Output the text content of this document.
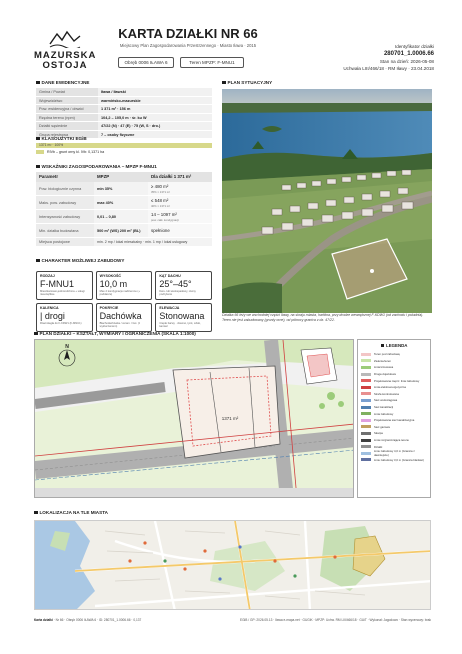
MAZURSKA
OSTOJA
KARTA DZIAŁKI NR 66
Miejscowy Plan Zagospodarowania Przestrzennego · Miasto Iława · 2015
Obręb 0006 IŁAWA 6	Teren MPZP: F-MNU1
Identyfikator działki
280701_1.0006.66
Stan na dzień: 2026-05-08
Uchwała LIII/466/18 · RM Iławy · 23.04.2018
DANE EWIDENCYJNE
Gmina / Powiat	Iława / Iławski
Województwo	warmińsko-mazurskie
Pow. ewidencyjna / obwód	1 371 m² · 156 m
Rzędna terenu (npm)	104,2 – 105,0 m · śr. ku W
Działki sąsiednie	47/22 (N) · 47 (E) · 75 (W, S · dro.)
Grupa rejestrowa	7 – osoby fizyczne
KLASOUŻYTKI EGiB
1371 m² · 100%
RIVb – grunt orny kl. IVb: 0,1371 ha
WSKAŹNIKI ZAGOSPODAROWANIA – MPZP F-MNU1
Parametr	MPZP	Dla działki 1 371 m²
Pow. biologicznie czynna	min 35%	≥ 480 m²
35% × 1371 m²
Maks. pow. zabudowy	max 40%	≤ 548 m²
40% × 1371 m²
Intensywność zabudowy	0,01 – 0,80	14 – 1097 m²
pow. całk. kondygnacji
Min. działka budowlana	500 m² (WS) 200 m² (BL)	spełnione
Miejsca postojowe	min. 2 mp / lokal mieszkalny · min. 1 mp / lokal usługowy
CHARAKTER MOŻLIWEJ ZABUDOWY
RODZAJ
F-MNU1
Mieszkaniowo-jednorodzinna + usługi nieuciążliwe
WYSOKOŚĆ
10,0 m
Max 2 kondygnacje nadziemne (+ poddasze)
KĄT DACHU
25°–45°
Dwu- lub wielospadowy, równy pochylenie
KALENICA
| drogi
Równoległa do F-KDW1 (F-MNU1)
POKRYCIE
Dachówka
Blachodachówka / ceram. / bet. (z wykluczeniem)
ELEWACJA
Stonowana
Ciepłe barwy · drewno, tynk, szkło, kamień
PLAN SYTUACYJNY
Działka 66 leży we wschodniej części Iławy, na skraju miasta, harfdna, przy drodze wewnętrznej F-KDW1 (od zachodu i południa). Teren nie jest zabudowany (grunty orne), od północy granica z dz. 47/22.
PLAN DZIAŁKI – KSZTAŁT, WYMIARY I OGRANICZENIA (SKALA 1:1000)
N
1371 m²
LEGENDA
Teren pod zabudowę
Zielenie/teren
Linia krzewowa
Droga dojazdowa
Projektowana nieprz. linia zabudowy
Linia elektroenergetyczna
Strefa kontrolowana
Sieć wodociągowa
Sieć kanalizacji
Linia zabudowy
Projektowana sieć kanalizacyjna
Sieć gazowa
Skarpa
Linia rozgraniczająca terenu
Działki
Linie zabudowy 4,0 m (Granica z dawniejsze)
Linie zabudowy 3,0 m (Granica blankiet)
LOKALIZACJA NA TLE MIASTA
Karta działki · Nr 66 · Obręb 0006 IŁAWA 6 · ID: 280701_1.0006.66 · 0,137	EGiB / GP: 2026.05.13 · Iława e-mapa.net · GUGiK · MPZP: Uchw. RM LIII/466/18 · GUiT · Wykonał: Jagodowo · Stan wycenowy: brak
